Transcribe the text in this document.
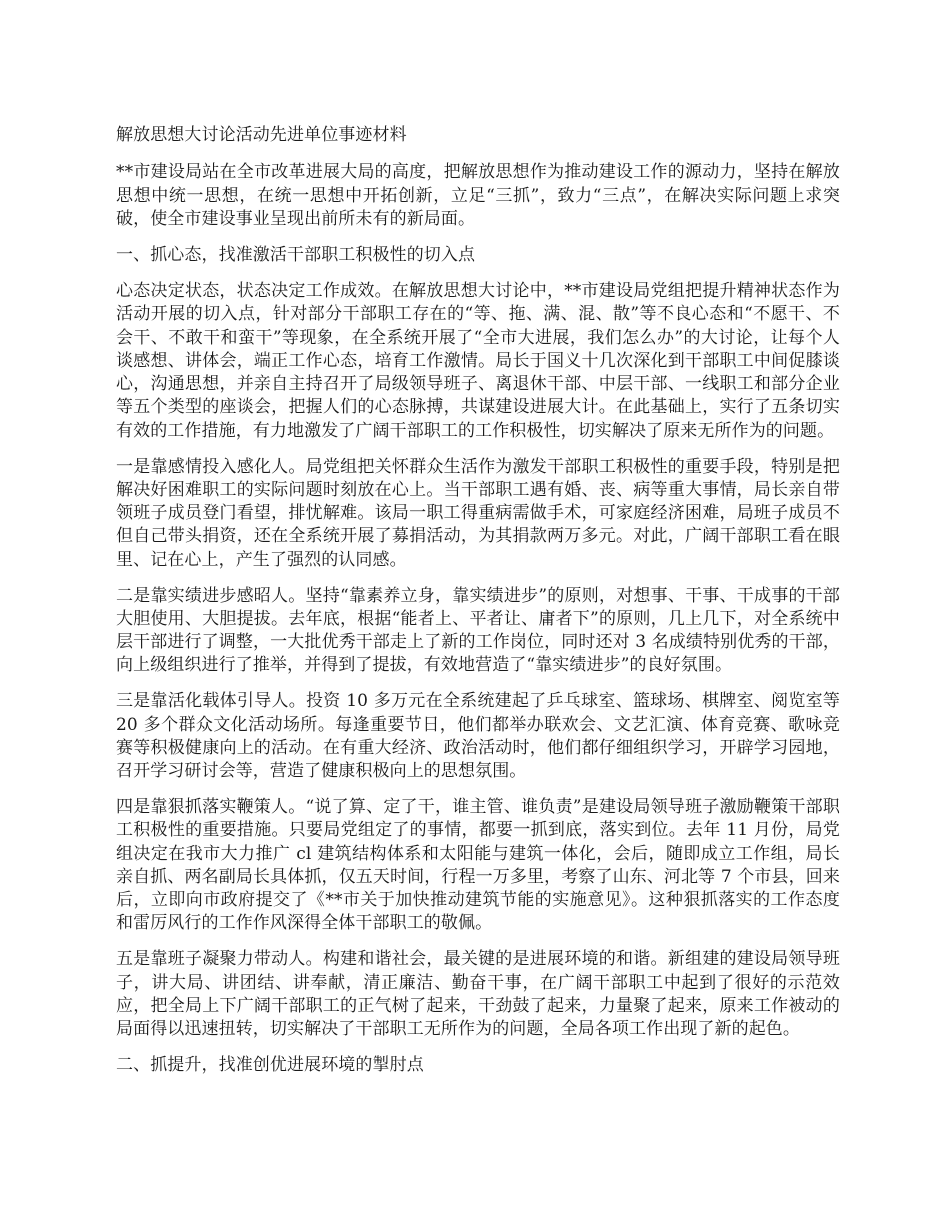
解放思想大讨论活动先进单位事迹材料

**市建设局站在全市改革进展大局的高度，把解放思想作为推动建设工作的源动力，坚持在解放思想中统一思想，在统一思想中开拓创新，立足“三抓”，致力“三点”，在解决实际问题上求突破，使全市建设事业呈现出前所未有的新局面。

一、抓心态，找准激活干部职工积极性的切入点

心态决定状态，状态决定工作成效。在解放思想大讨论中，**市建设局党组把提升精神状态作为活动开展的切入点，针对部分干部职工存在的“等、拖、满、混、散”等不良心态和“不愿干、不会干、不敢干和蛮干”等现象，在全系统开展了“全市大进展，我们怎么办”的大讨论，让每个人谈感想、讲体会，端正工作心态，培育工作激情。局长于国义十几次深化到干部职工中间促膝谈心，沟通思想，并亲自主持召开了局级领导班子、离退休干部、中层干部、一线职工和部分企业等五个类型的座谈会，把握人们的心态脉搏，共谋建设进展大计。在此基础上，实行了五条切实有效的工作措施，有力地激发了广阔干部职工的工作积极性，切实解决了原来无所作为的问题。

一是靠感情投入感化人。局党组把关怀群众生活作为激发干部职工积极性的重要手段，特别是把解决好困难职工的实际问题时刻放在心上。当干部职工遇有婚、丧、病等重大事情，局长亲自带领班子成员登门看望，排忧解难。该局一职工得重病需做手术，可家庭经济困难，局班子成员不但自己带头捐资，还在全系统开展了募捐活动，为其捐款两万多元。对此，广阔干部职工看在眼里、记在心上，产生了强烈的认同感。

二是靠实绩进步感昭人。坚持“靠素养立身，靠实绩进步”的原则，对想事、干事、干成事的干部大胆使用、大胆提拔。去年底，根据“能者上、平者让、庸者下”的原则，几上几下，对全系统中层干部进行了调整，一大批优秀干部走上了新的工作岗位，同时还对 3 名成绩特别优秀的干部，向上级组织进行了推举，并得到了提拔，有效地营造了“靠实绩进步”的良好氛围。

三是靠活化载体引导人。投资 10 多万元在全系统建起了乒乓球室、篮球场、棋牌室、阅览室等 20 多个群众文化活动场所。每逢重要节日，他们都举办联欢会、文艺汇演、体育竞赛、歌咏竞赛等积极健康向上的活动。在有重大经济、政治活动时，他们都仔细组织学习，开辟学习园地，召开学习研讨会等，营造了健康积极向上的思想氛围。

四是靠狠抓落实鞭策人。“说了算、定了干，谁主管、谁负责”是建设局领导班子激励鞭策干部职工积极性的重要措施。只要局党组定了的事情，都要一抓到底，落实到位。去年 11 月份，局党组决定在我市大力推广 cl 建筑结构体系和太阳能与建筑一体化，会后，随即成立工作组，局长亲自抓、两名副局长具体抓，仅五天时间，行程一万多里，考察了山东、河北等 7 个市县，回来后，立即向市政府提交了《**市关于加快推动建筑节能的实施意见》。这种狠抓落实的工作态度和雷厉风行的工作作风深得全体干部职工的敬佩。

五是靠班子凝聚力带动人。构建和谐社会，最关键的是进展环境的和谐。新组建的建设局领导班子，讲大局、讲团结、讲奉献，清正廉洁、勤奋干事，在广阔干部职工中起到了很好的示范效应，把全局上下广阔干部职工的正气树了起来，干劲鼓了起来，力量聚了起来，原来工作被动的局面得以迅速扭转，切实解决了干部职工无所作为的问题，全局各项工作出现了新的起色。

二、抓提升，找准创优进展环境的掣肘点
